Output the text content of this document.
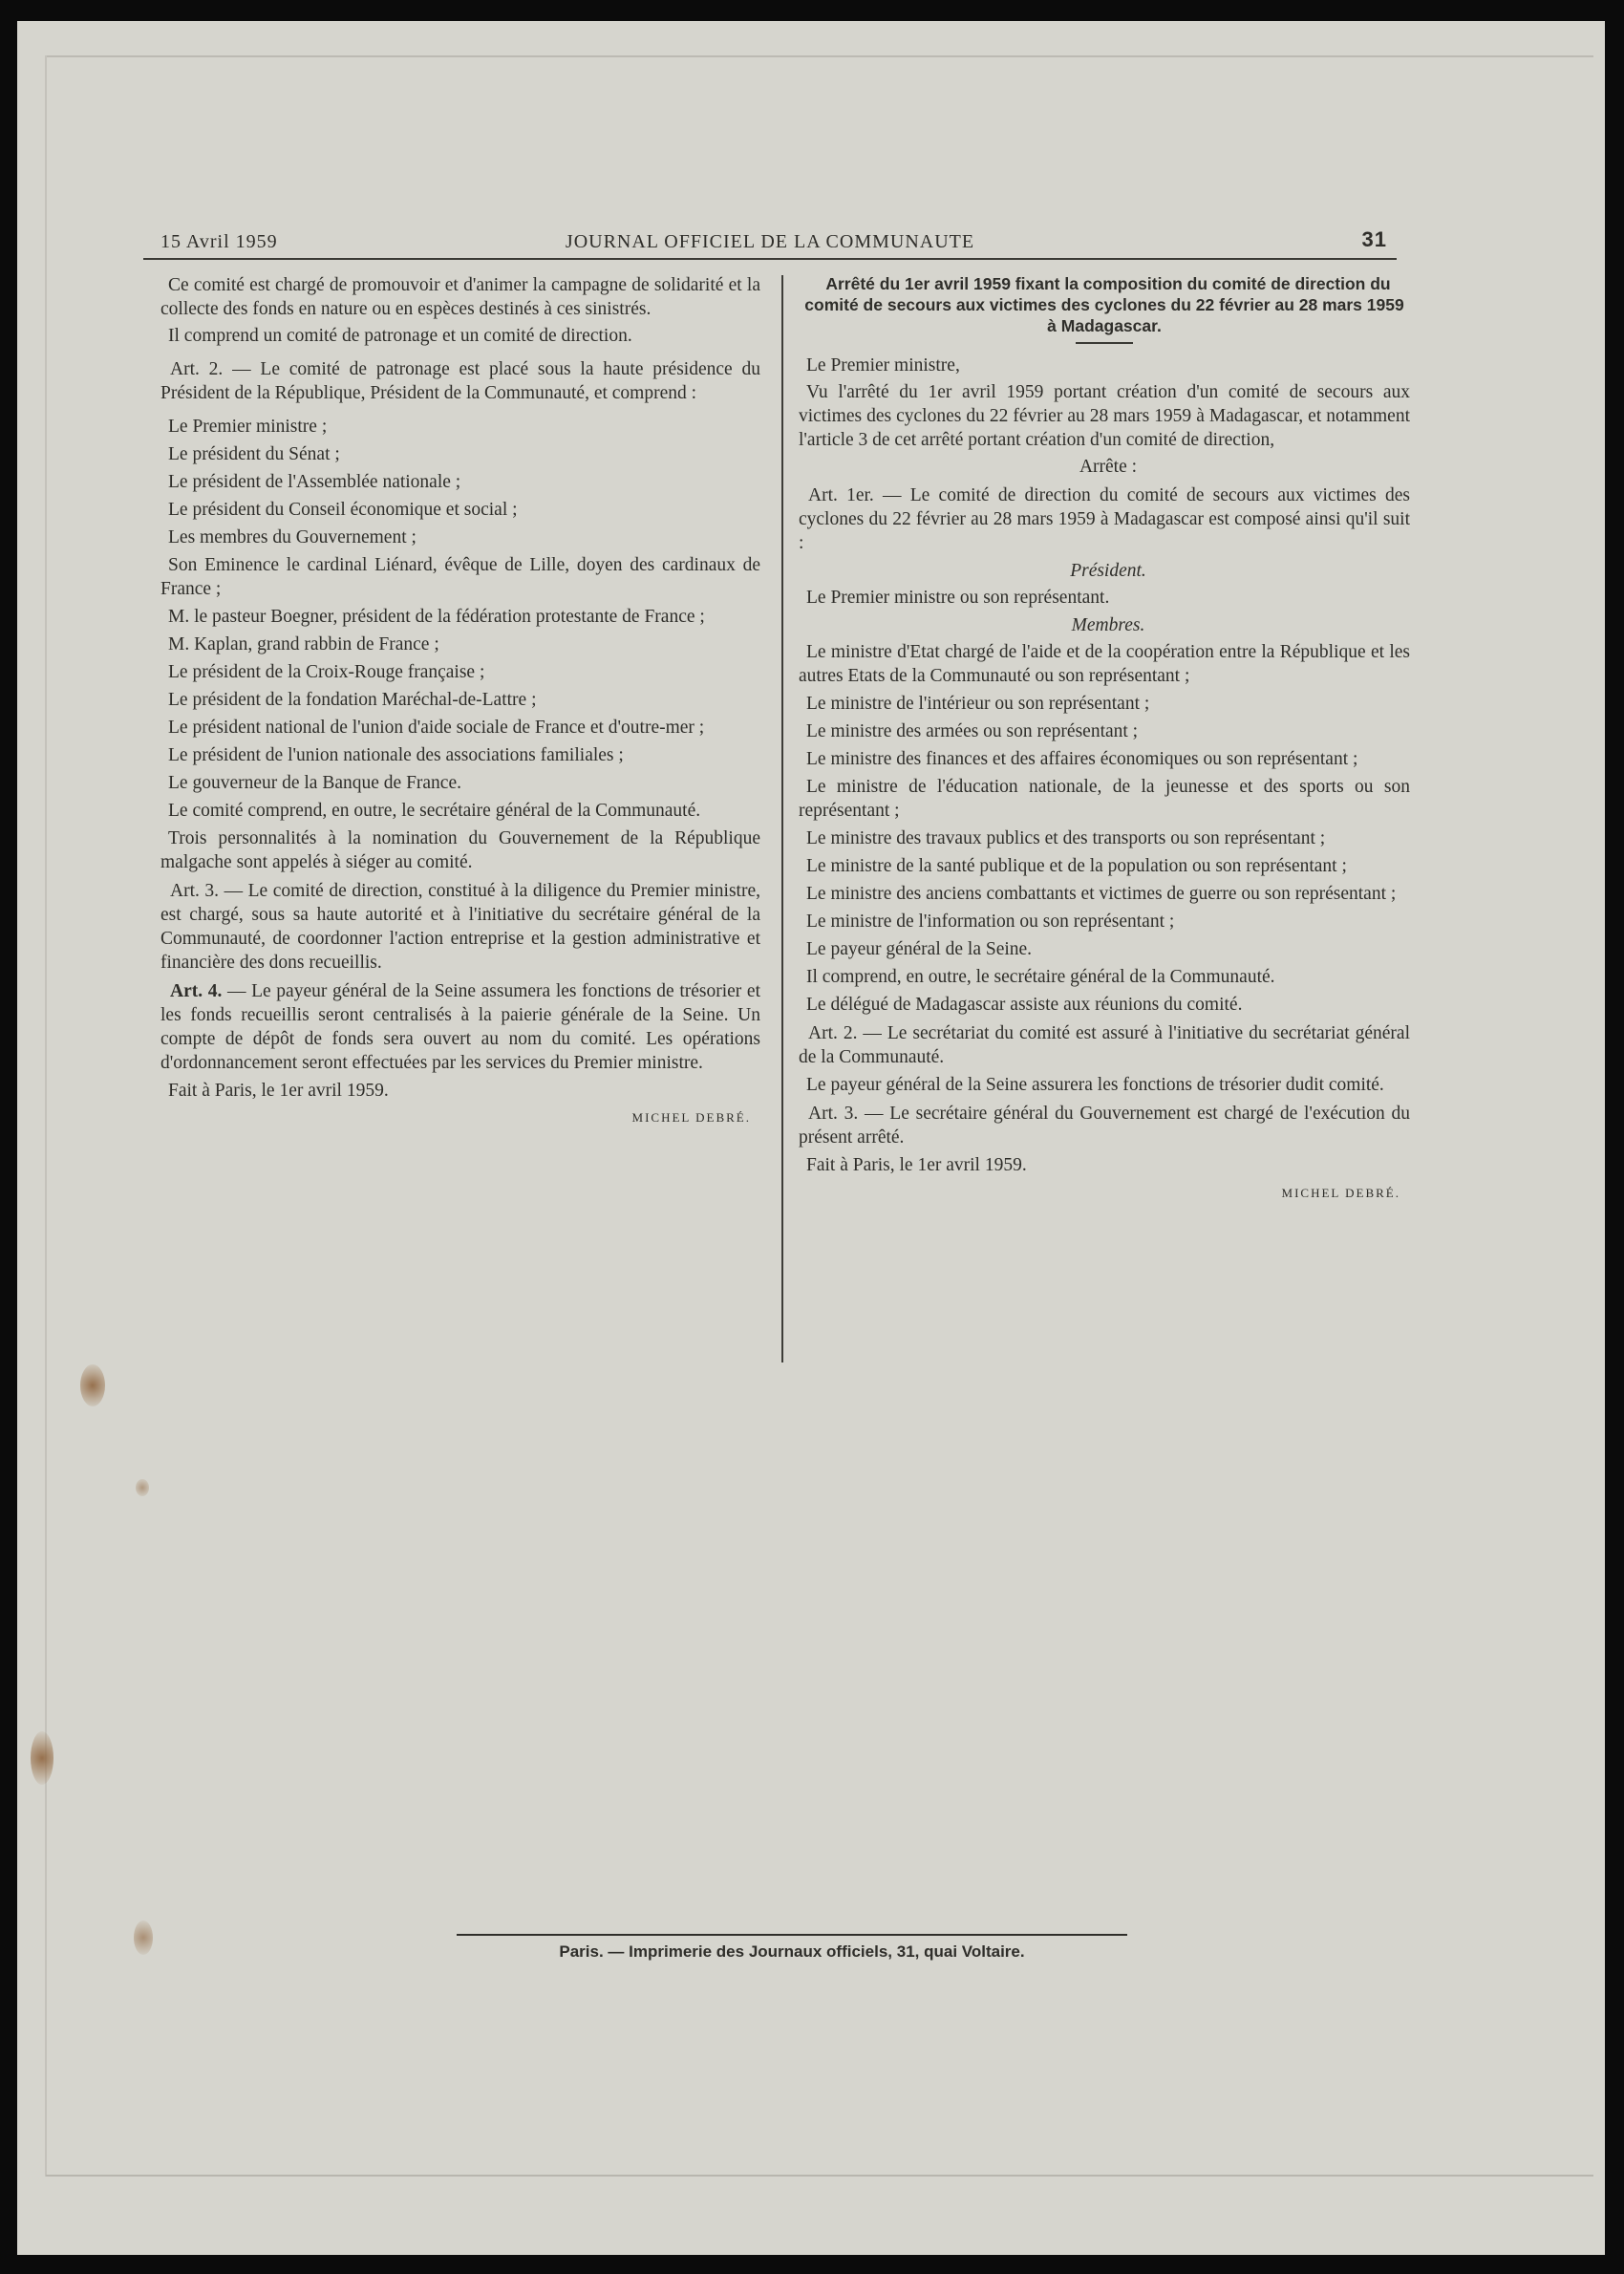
15 Avril 1959	JOURNAL OFFICIEL DE LA COMMUNAUTE	31

Ce comité est chargé de promouvoir et d'animer la campagne de solidarité et la collecte des fonds en nature ou en espèces destinés à ces sinistrés.

Il comprend un comité de patronage et un comité de direction.

Art. 2. — Le comité de patronage est placé sous la haute présidence du Président de la République, Président de la Communauté, et comprend :

Le Premier ministre ;

Le président du Sénat ;

Le président de l'Assemblée nationale ;

Le président du Conseil économique et social ;

Les membres du Gouvernement ;

Son Eminence le cardinal Liénard, évêque de Lille, doyen des cardinaux de France ;

M. le pasteur Boegner, président de la fédération protestante de France ;

M. Kaplan, grand rabbin de France ;

Le président de la Croix-Rouge française ;

Le président de la fondation Maréchal-de-Lattre ;

Le président national de l'union d'aide sociale de France et d'outre-mer ;

Le président de l'union nationale des associations familiales ;

Le gouverneur de la Banque de France.

Le comité comprend, en outre, le secrétaire général de la Communauté.

Trois personnalités à la nomination du Gouvernement de la République malgache sont appelés à siéger au comité.

Art. 3. — Le comité de direction, constitué à la diligence du Premier ministre, est chargé, sous sa haute autorité et à l'initiative du secrétaire général de la Communauté, de coordonner l'action entreprise et la gestion administrative et financière des dons recueillis.

Art. 4. — Le payeur général de la Seine assumera les fonctions de trésorier et les fonds recueillis seront centralisés à la paierie générale de la Seine. Un compte de dépôt de fonds sera ouvert au nom du comité. Les opérations d'ordonnancement seront effectuées par les services du Premier ministre.

Fait à Paris, le 1er avril 1959.

MICHEL DEBRÉ.

Arrêté du 1er avril 1959 fixant la composition du comité de direction du comité de secours aux victimes des cyclones du 22 février au 28 mars 1959 à Madagascar.

Le Premier ministre,

Vu l'arrêté du 1er avril 1959 portant création d'un comité de secours aux victimes des cyclones du 22 février au 28 mars 1959 à Madagascar, et notamment l'article 3 de cet arrêté portant création d'un comité de direction,

Arrête :

Art. 1er. — Le comité de direction du comité de secours aux victimes des cyclones du 22 février au 28 mars 1959 à Madagascar est composé ainsi qu'il suit :

Président.

Le Premier ministre ou son représentant.

Membres.

Le ministre d'Etat chargé de l'aide et de la coopération entre la République et les autres Etats de la Communauté ou son représentant ;

Le ministre de l'intérieur ou son représentant ;

Le ministre des armées ou son représentant ;

Le ministre des finances et des affaires économiques ou son représentant ;

Le ministre de l'éducation nationale, de la jeunesse et des sports ou son représentant ;

Le ministre des travaux publics et des transports ou son représentant ;

Le ministre de la santé publique et de la population ou son représentant ;

Le ministre des anciens combattants et victimes de guerre ou son représentant ;

Le ministre de l'information ou son représentant ;

Le payeur général de la Seine.

Il comprend, en outre, le secrétaire général de la Communauté.

Le délégué de Madagascar assiste aux réunions du comité.

Art. 2. — Le secrétariat du comité est assuré à l'initiative du secrétariat général de la Communauté.

Le payeur général de la Seine assurera les fonctions de trésorier dudit comité.

Art. 3. — Le secrétaire général du Gouvernement est chargé de l'exécution du présent arrêté.

Fait à Paris, le 1er avril 1959.

MICHEL DEBRÉ.
Paris. — Imprimerie des Journaux officiels, 31, quai Voltaire.
